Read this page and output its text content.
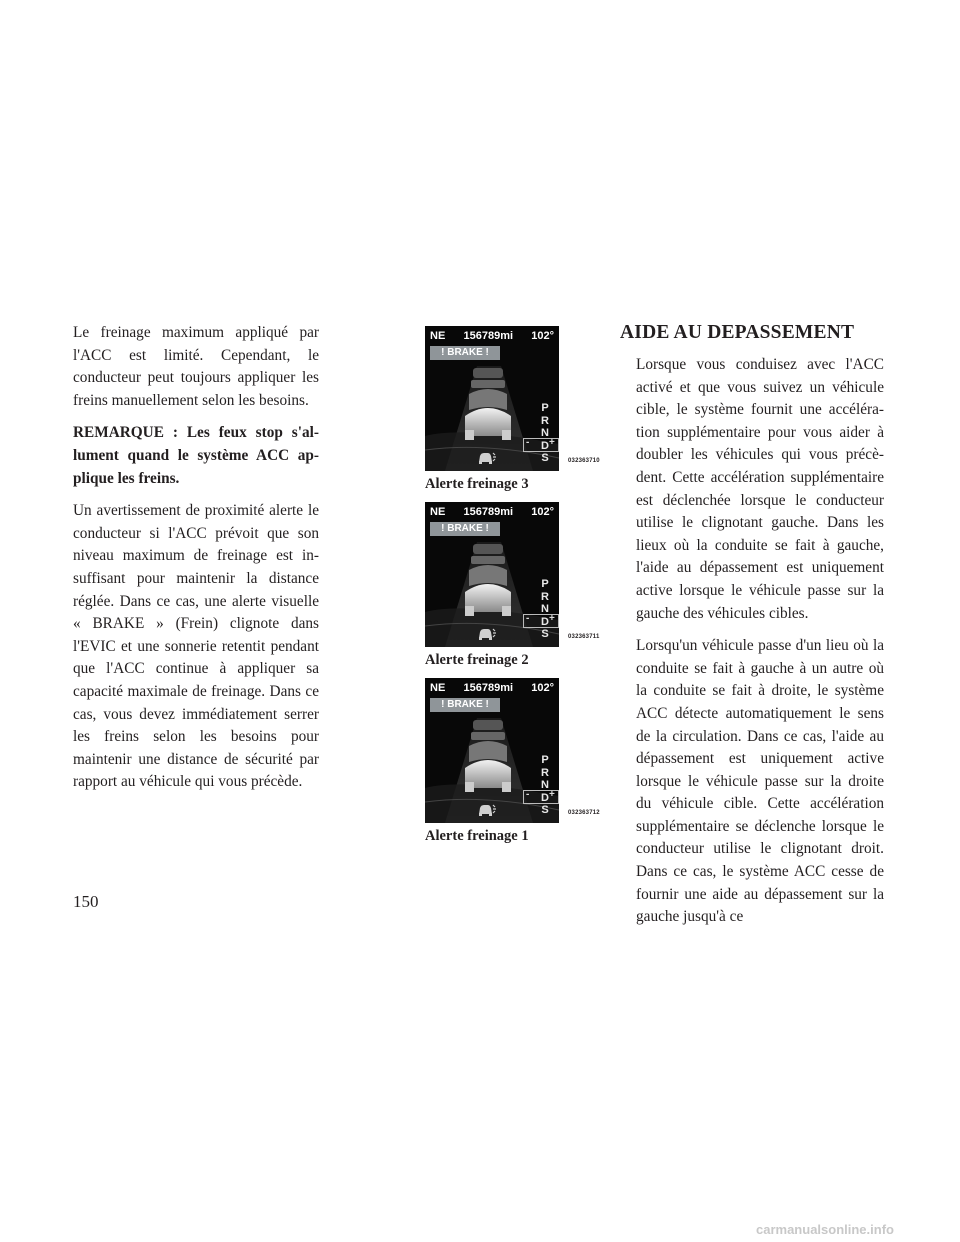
Le freinage maximum appliqué par l'ACC est limité. Cependant, le conducteur peut toujours appliquer les freins manuellement selon les besoins.

REMARQUE : Les feux stop s'allument quand le système ACC applique les freins.

Un avertissement de proximité alerte le conducteur si l'ACC prévoit que son niveau maximum de freinage est insuffisant pour maintenir la distance réglée. Dans ce cas, une alerte visuelle « BRAKE » (Frein) clignote dans l'EVIC et une sonnerie retentit pendant que l'ACC continue à appliquer sa capacité maximale de freinage. Dans ce cas, vous devez immédiatement serrer les freins selon les besoins pour maintenir une distance de sécurité par rapport au véhicule qui vous précède.

NE 156789mi 102°
! BRAKE !
- +
P
R
N
D
S	032363710
Alerte freinage 3
NE 156789mi 102°
! BRAKE !
- +
P
R
N
D
S	032363711
Alerte freinage 2
NE 156789mi 102°
! BRAKE !
- +
P
R
N
D
S	032363712
Alerte freinage 1
AIDE AU DEPASSEMENT

Lorsque vous conduisez avec l'ACC activé et que vous suivez un véhicule cible, le système fournit une accélération supplémentaire pour vous aider à doubler les véhicules qui vous précèdent. Cette accélération supplémentaire est déclenchée lorsque le conducteur utilise le clignotant gauche. Dans les lieux où la conduite se fait à gauche, l'aide au dépassement est uniquement active lorsque le véhicule passe sur la gauche des véhicules cibles.

Lorsqu'un véhicule passe d'un lieu où la conduite se fait à gauche à un autre où la conduite se fait à droite, le système ACC détecte automatiquement le sens de la circulation. Dans ce cas, l'aide au dépassement est uniquement active lorsque le véhicule passe sur la droite du véhicule cible. Cette accélération supplémentaire se déclenche lorsque le conducteur utilise le clignotant droit. Dans ce cas, le système ACC cesse de fournir une aide au dépassement sur la gauche jusqu'à ce

150
carmanualsonline.info
